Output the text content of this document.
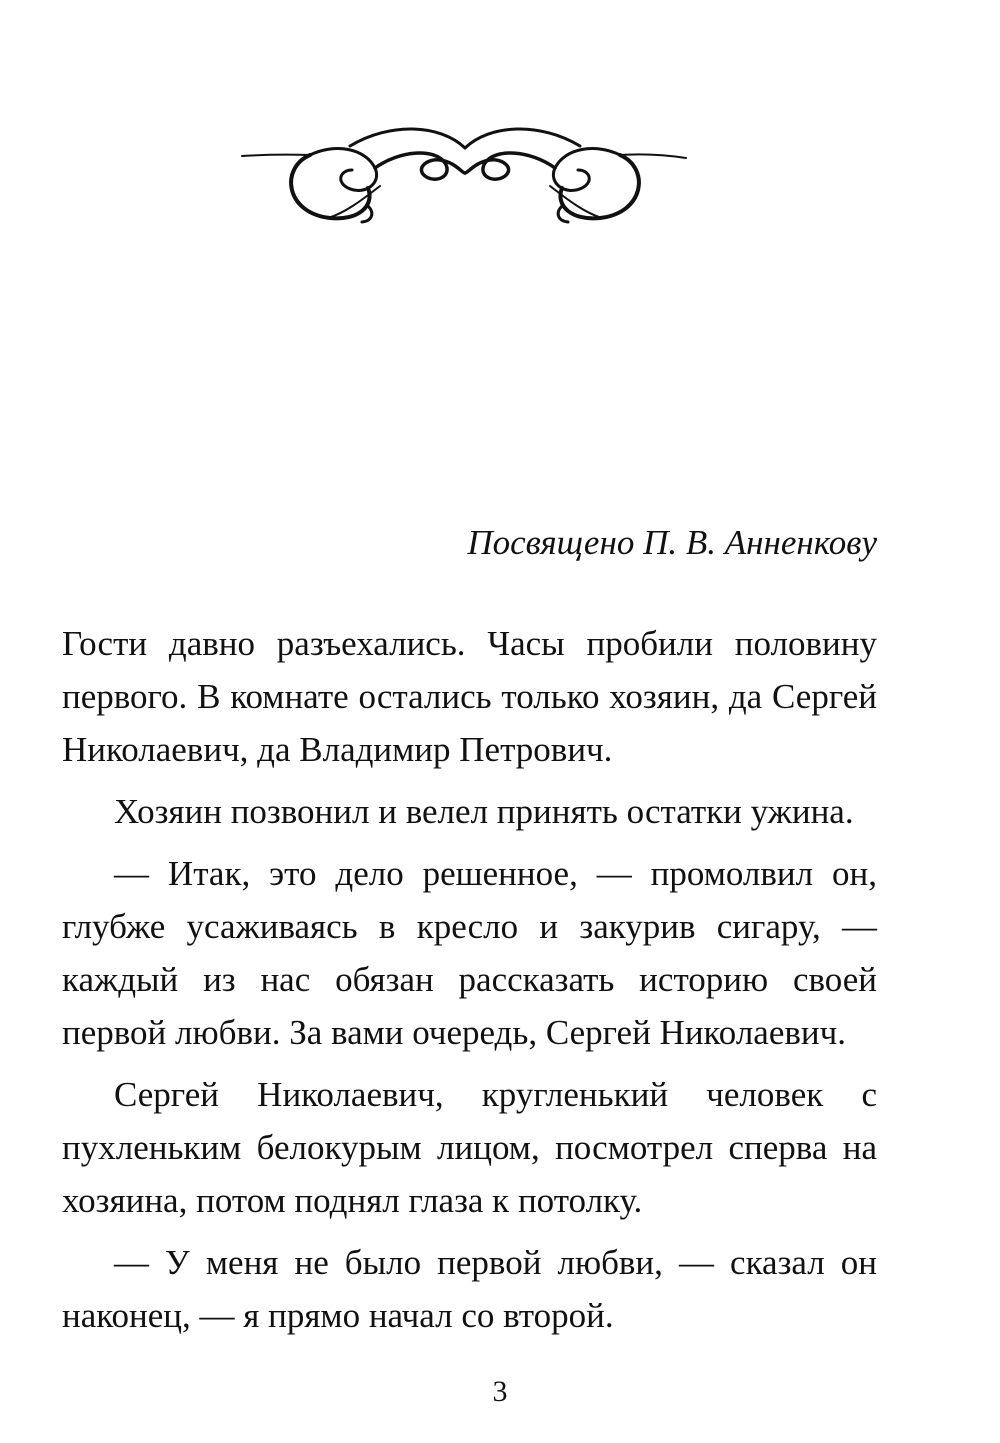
Посвящено П. В. Анненкову

Гости давно разъехались. Часы пробили половину первого. В комнате остались только хозяин, да Сергей Николаевич, да Владимир Петрович.

Хозяин позвонил и велел принять остатки ужина.

— Итак, это дело решенное, — промолвил он, глубже усаживаясь в кресло и закурив сигару, — каждый из нас обязан рассказать историю своей первой любви. За вами очередь, Сергей Николаевич.

Сергей Николаевич, кругленький человек с пухленьким белокурым лицом, посмотрел сперва на хозяина, потом поднял глаза к потолку.

— У меня не было первой любви, — сказал он наконец, — я прямо начал со второй.

3
